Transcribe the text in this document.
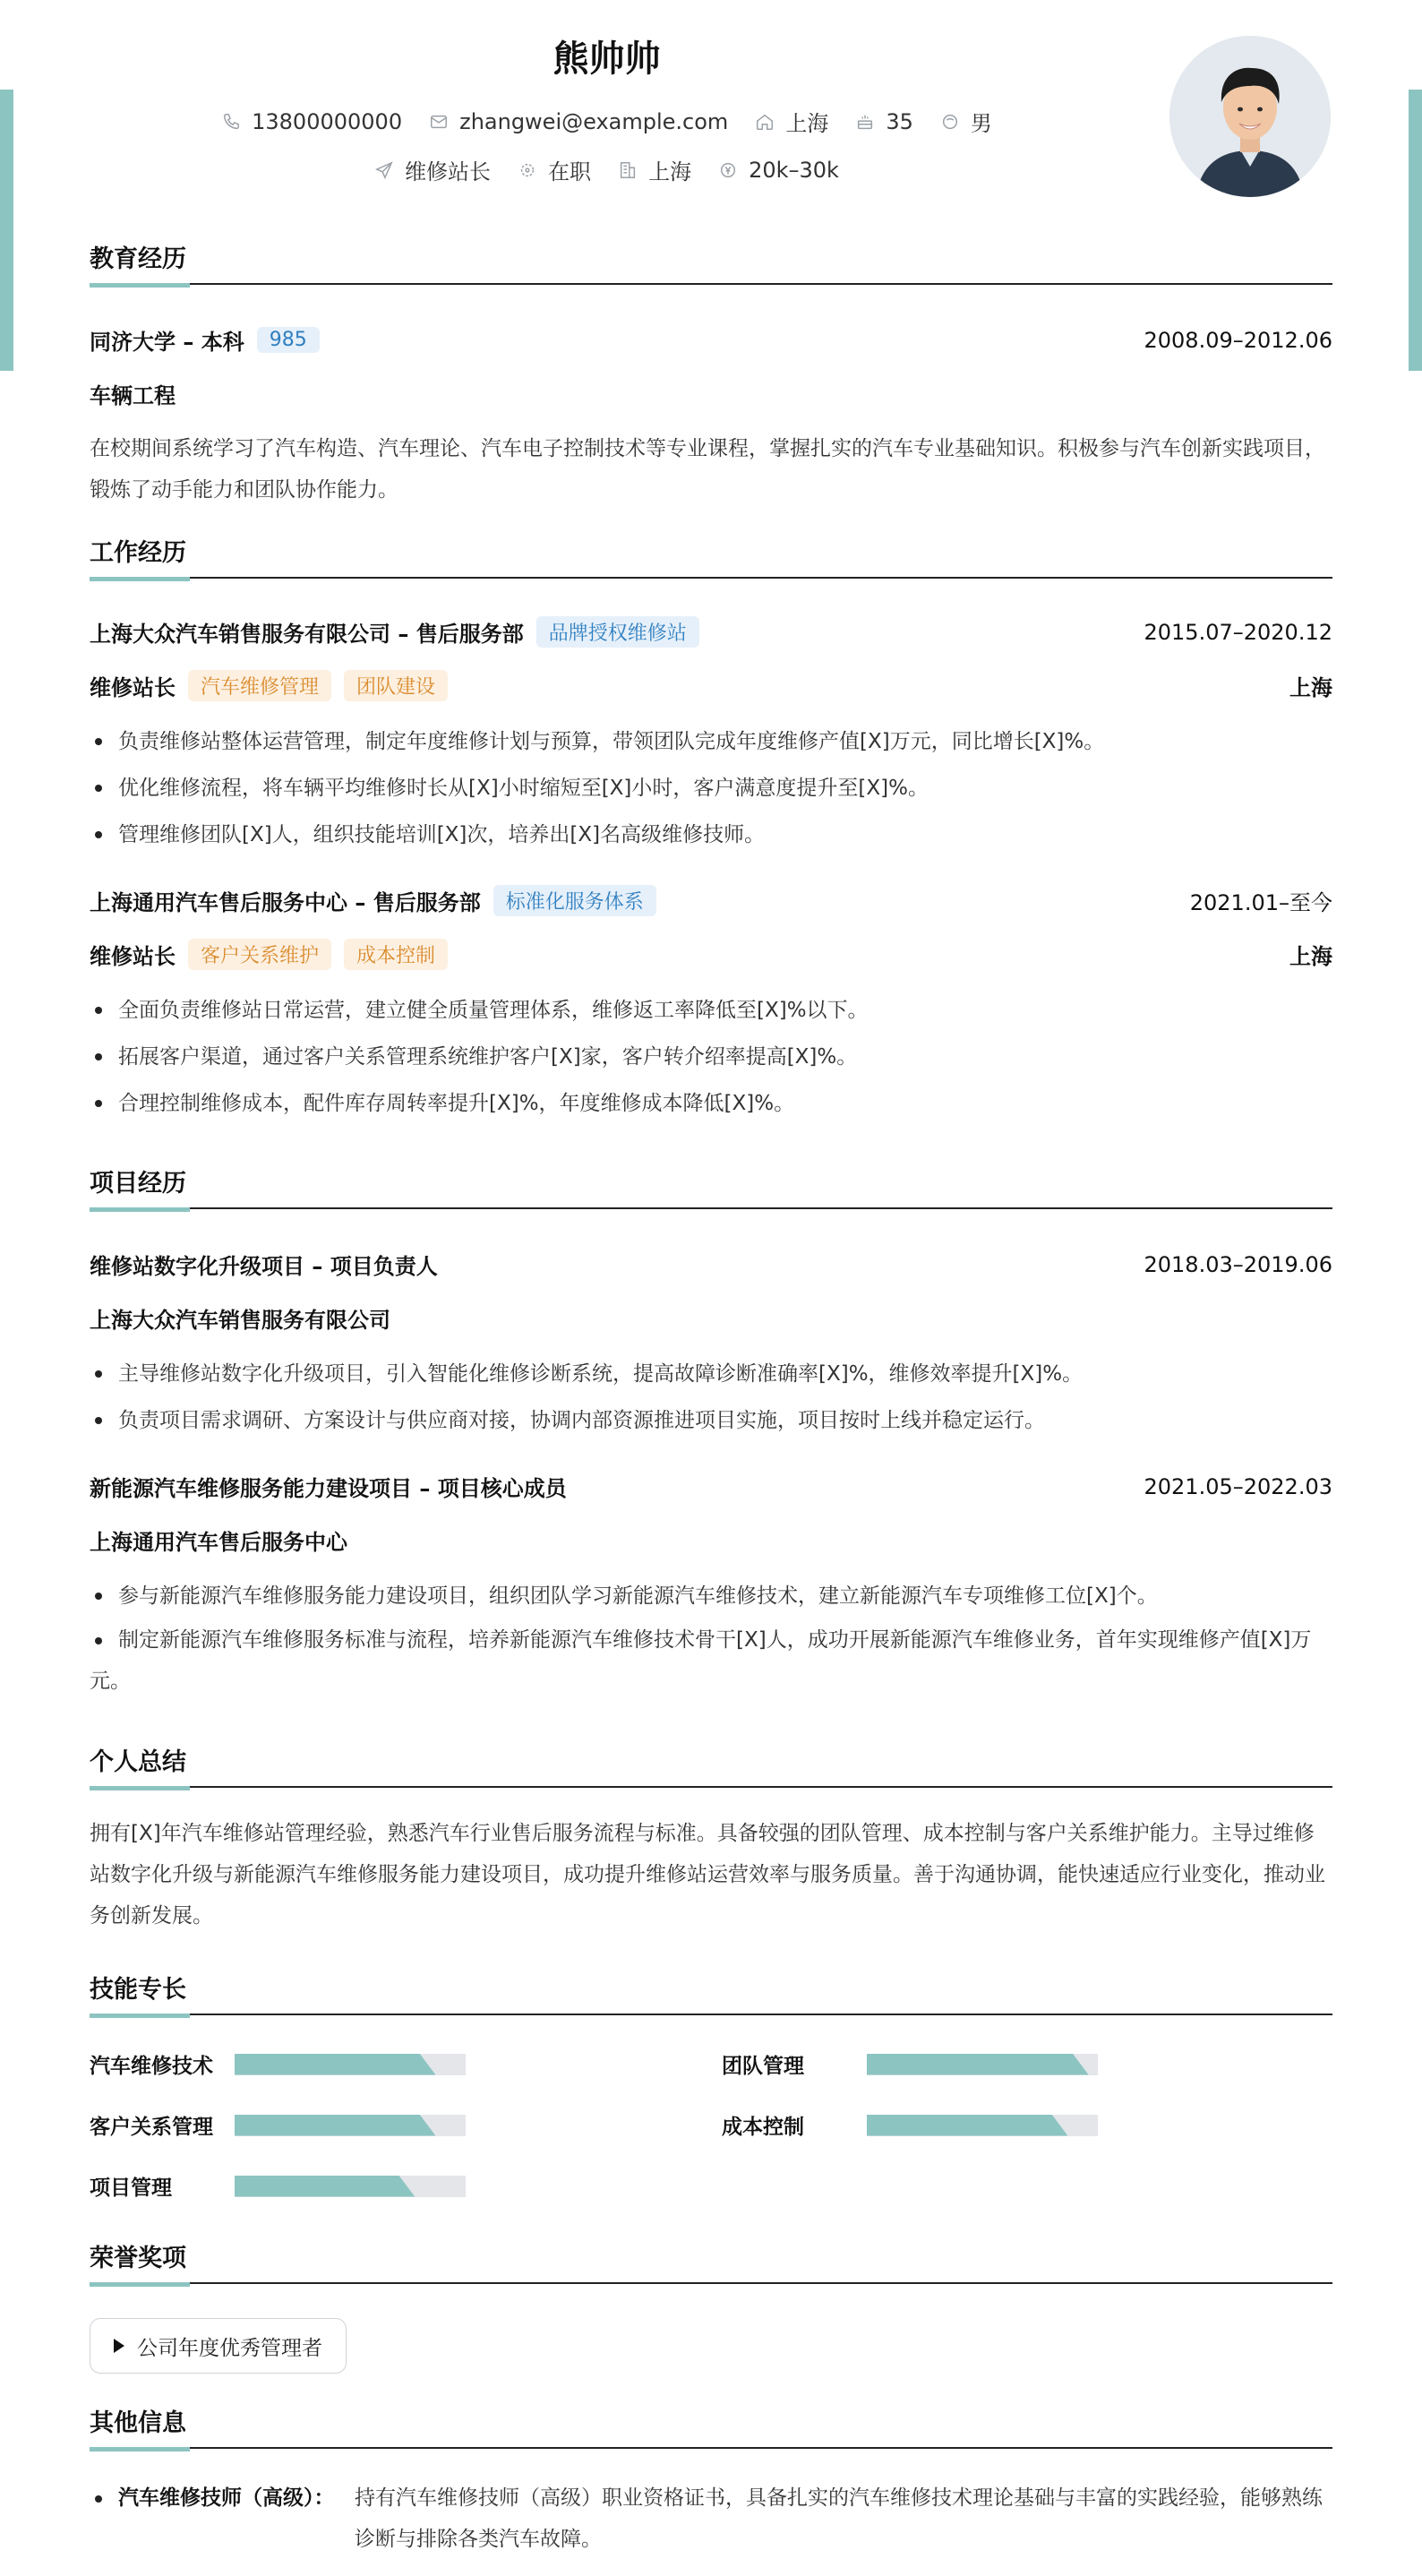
熊帅帅
13800000000	zhangwei@example.com	上海	35	男
维修站长	在职	上海	20k–30k
教育经历
同济大学 – 本科	985	2008.09–2012.06
车辆工程
在校期间系统学习了汽车构造、汽车理论、汽车电子控制技术等专业课程，掌握扎实的汽车专业基础知识。积极参与汽车创新实践项目，锻炼了动手能力和团队协作能力。
工作经历
上海大众汽车销售服务有限公司 – 售后服务部	品牌授权维修站	2015.07–2020.12
维修站长	汽车维修管理	团队建设	上海
负责维修站整体运营管理，制定年度维修计划与预算，带领团队完成年度维修产值[X]万元，同比增长[X]%。
优化维修流程，将车辆平均维修时长从[X]小时缩短至[X]小时，客户满意度提升至[X]%。
管理维修团队[X]人，组织技能培训[X]次，培养出[X]名高级维修技师。
上海通用汽车售后服务中心 – 售后服务部	标准化服务体系	2021.01–至今
维修站长	客户关系维护	成本控制	上海
全面负责维修站日常运营，建立健全质量管理体系，维修返工率降低至[X]%以下。
拓展客户渠道，通过客户关系管理系统维护客户[X]家，客户转介绍率提高[X]%。
合理控制维修成本，配件库存周转率提升[X]%，年度维修成本降低[X]%。
项目经历
维修站数字化升级项目 – 项目负责人	2018.03–2019.06
上海大众汽车销售服务有限公司
主导维修站数字化升级项目，引入智能化维修诊断系统，提高故障诊断准确率[X]%，维修效率提升[X]%。
负责项目需求调研、方案设计与供应商对接，协调内部资源推进项目实施，项目按时上线并稳定运行。
新能源汽车维修服务能力建设项目 – 项目核心成员	2021.05–2022.03
上海通用汽车售后服务中心
参与新能源汽车维修服务能力建设项目，组织团队学习新能源汽车维修技术，建立新能源汽车专项维修工位[X]个。
制定新能源汽车维修服务标准与流程，培养新能源汽车维修技术骨干[X]人，成功开展新能源汽车维修业务，首年实现维修产值[X]万元。
个人总结
拥有[X]年汽车维修站管理经验，熟悉汽车行业售后服务流程与标准。具备较强的团队管理、成本控制与客户关系维护能力。主导过维修站数字化升级与新能源汽车维修服务能力建设项目，成功提升维修站运营效率与服务质量。善于沟通协调，能快速适应行业变化，推动业务创新发展。
技能专长
汽车维修技术	团队管理
客户关系管理	成本控制
项目管理
荣誉奖项
公司年度优秀管理者
其他信息
汽车维修技师（高级）： 持有汽车维修技师（高级）职业资格证书，具备扎实的汽车维修技术理论基础与丰富的实践经验，能够熟练诊断与排除各类汽车故障。
